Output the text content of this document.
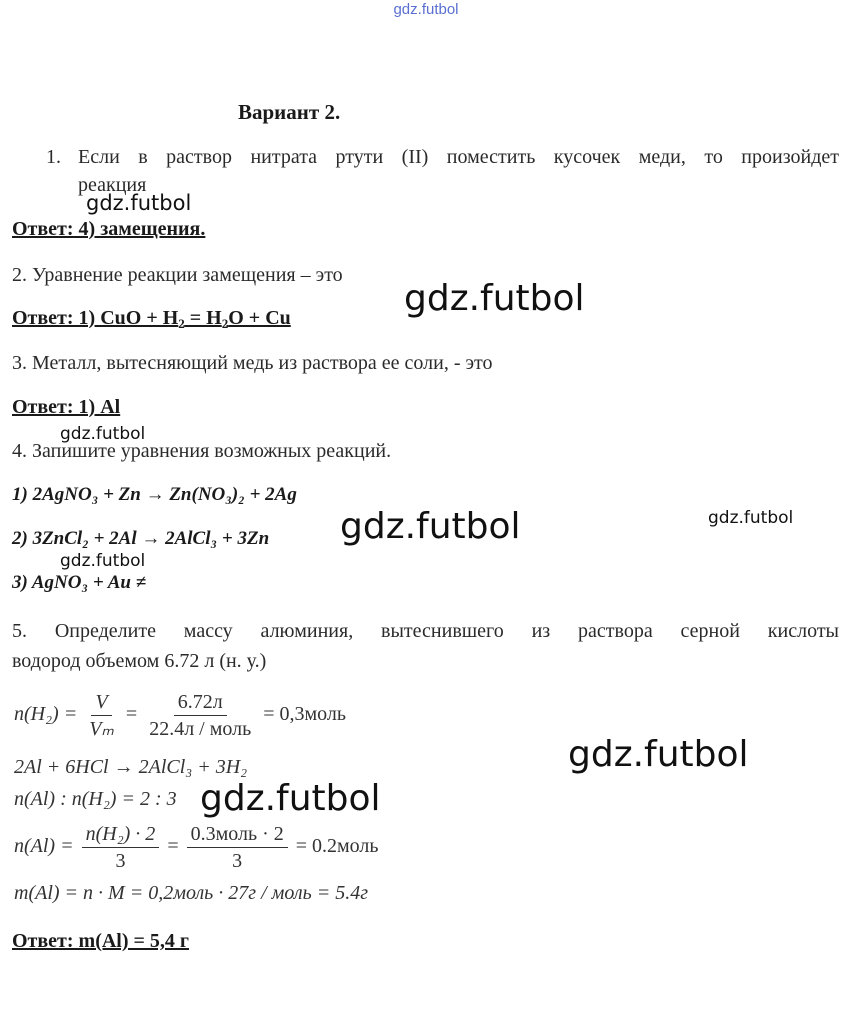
gdz.futbol
Вариант 2.
1. Если в раствор нитрата ртути (II) поместить кусочек меди, то произойдет
реакция
Ответ: 4) замещения.
2. Уравнение реакции замещения – это
Ответ: 1) CuO + $H_2 = H_2O + Cu$
3. Металл, вытесняющий медь из раствора ее соли, - это
Ответ: 1) Al
4. Запишите уравнения возможных реакций.
1) 2AgNO₃ + Zn → Zn(NO₃)₂ + 2Ag
2) 3ZnCl₂ + 2Al → 2AlCl₃ + 3Zn
3) AgNO₃ + Au ≠
5. Определите массу алюминия, вытеснившего из раствора серной кислоты
водород объемом 6.72 л (н. у.)
$n(H_2) = \frac{V}{\text{Vₘ}} = \frac{6.72л}{\text{22.4л / моль}}$ = 0,3моль
2Al + 6HCl → 2AlCl₃ + 3H₂
n(Al) : n(H₂) = 2 : 3
$n(Al) = \frac{\text{n(H₂) · 2}}{3} = \frac{\text{0.3моль · 2}}{3}$ = 0.2моль
m(Al) = n · M = 0,2моль · 27г / моль = 5.4г
Ответ: m(Al) = 5,4 г
gdz.futbol
gdz.futbol
gdz.futbol
gdz.futbol	gdz.futbol
gdz.futbol
gdz.futbol
gdz.futbol
